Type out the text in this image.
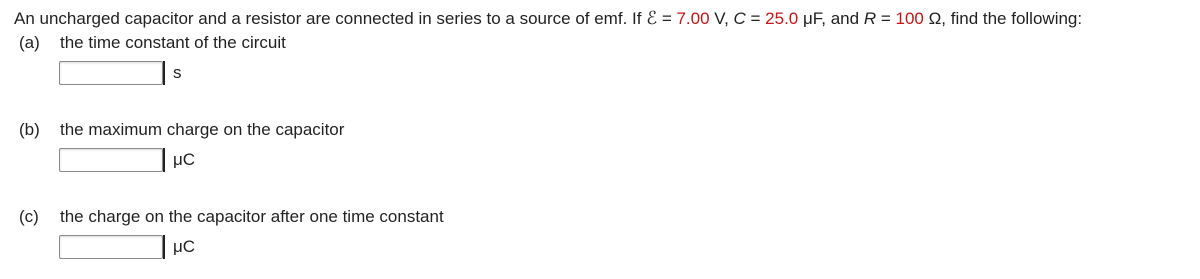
An uncharged capacitor and a resistor are connected in series to a source of emf. If ℰ = 7.00 V, C = 25.0 μF, and R = 100 Ω, find the following:
(a) the time constant of the circuit
s
(b) the maximum charge on the capacitor
μC
(c) the charge on the capacitor after one time constant
μC
